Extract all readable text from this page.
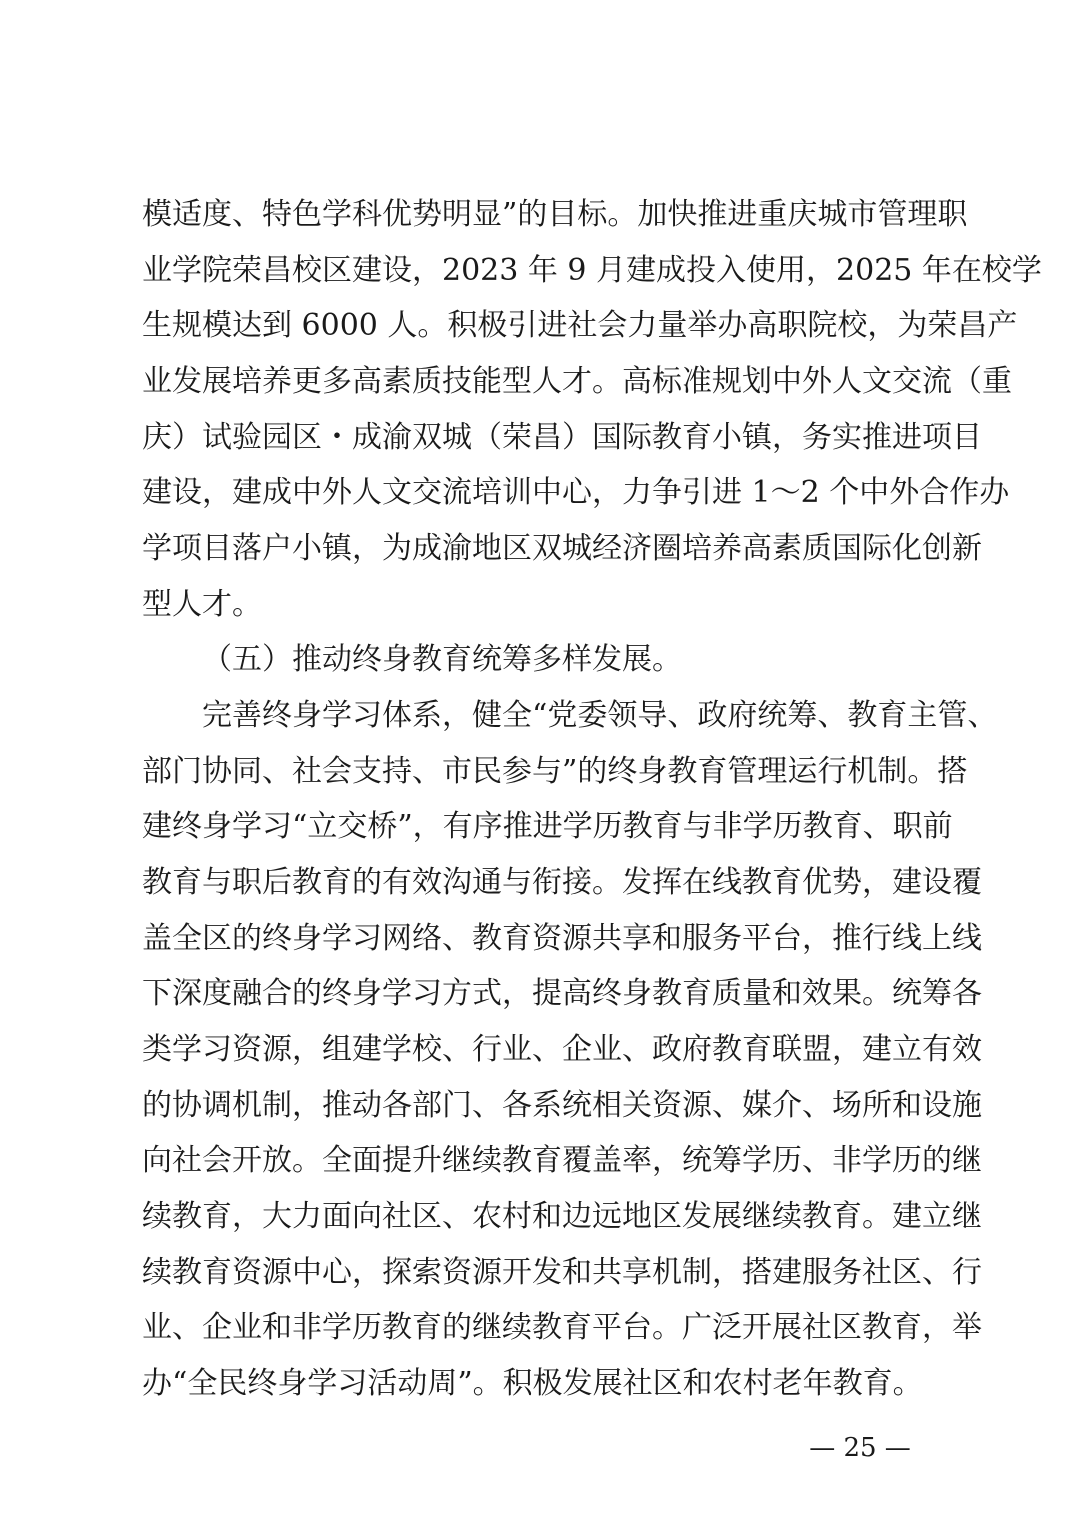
模适度、特色学科优势明显”的目标。加快推进重庆城市管理职
业学院荣昌校区建设，2023 年 9 月建成投入使用，2025 年在校学
生规模达到 6000 人。积极引进社会力量举办高职院校，为荣昌产
业发展培养更多高素质技能型人才。高标准规划中外人文交流（重
庆）试验园区・成渝双城（荣昌）国际教育小镇，务实推进项目
建设，建成中外人文交流培训中心，力争引进 1～2 个中外合作办
学项目落户小镇，为成渝地区双城经济圈培养高素质国际化创新
型人才。
（五）推动终身教育统筹多样发展。
完善终身学习体系，健全“党委领导、政府统筹、教育主管、
部门协同、社会支持、市民参与”的终身教育管理运行机制。搭
建终身学习“立交桥”，有序推进学历教育与非学历教育、职前
教育与职后教育的有效沟通与衔接。发挥在线教育优势，建设覆
盖全区的终身学习网络、教育资源共享和服务平台，推行线上线
下深度融合的终身学习方式，提高终身教育质量和效果。统筹各
类学习资源，组建学校、行业、企业、政府教育联盟，建立有效
的协调机制，推动各部门、各系统相关资源、媒介、场所和设施
向社会开放。全面提升继续教育覆盖率，统筹学历、非学历的继
续教育，大力面向社区、农村和边远地区发展继续教育。建立继
续教育资源中心，探索资源开发和共享机制，搭建服务社区、行
业、企业和非学历教育的继续教育平台。广泛开展社区教育，举
办“全民终身学习活动周”。积极发展社区和农村老年教育。
— 25 —
